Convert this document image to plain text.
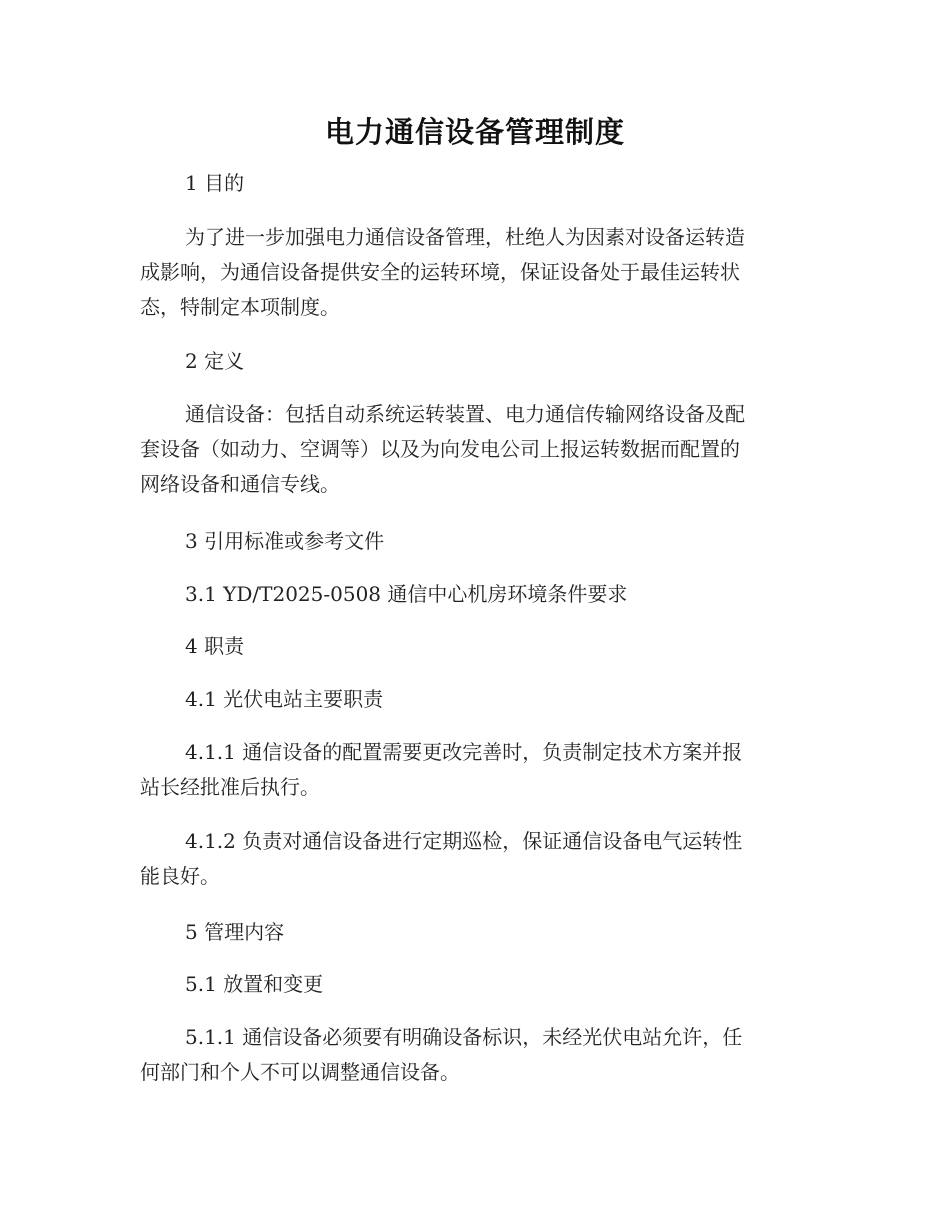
电力通信设备管理制度
1 目的
为了进一步加强电力通信设备管理，杜绝人为因素对设备运转造
成影响，为通信设备提供安全的运转环境，保证设备处于最佳运转状
态，特制定本项制度。
2 定义
通信设备：包括自动系统运转装置、电力通信传输网络设备及配
套设备（如动力、空调等）以及为向发电公司上报运转数据而配置的
网络设备和通信专线。
3 引用标准或参考文件
3.1 YD/T2025-0508 通信中心机房环境条件要求
4 职责
4.1 光伏电站主要职责
4.1.1 通信设备的配置需要更改完善时，负责制定技术方案并报
站长经批准后执行。
4.1.2 负责对通信设备进行定期巡检，保证通信设备电气运转性
能良好。
5 管理内容
5.1 放置和变更
5.1.1 通信设备必须要有明确设备标识，未经光伏电站允许，任
何部门和个人不可以调整通信设备。
